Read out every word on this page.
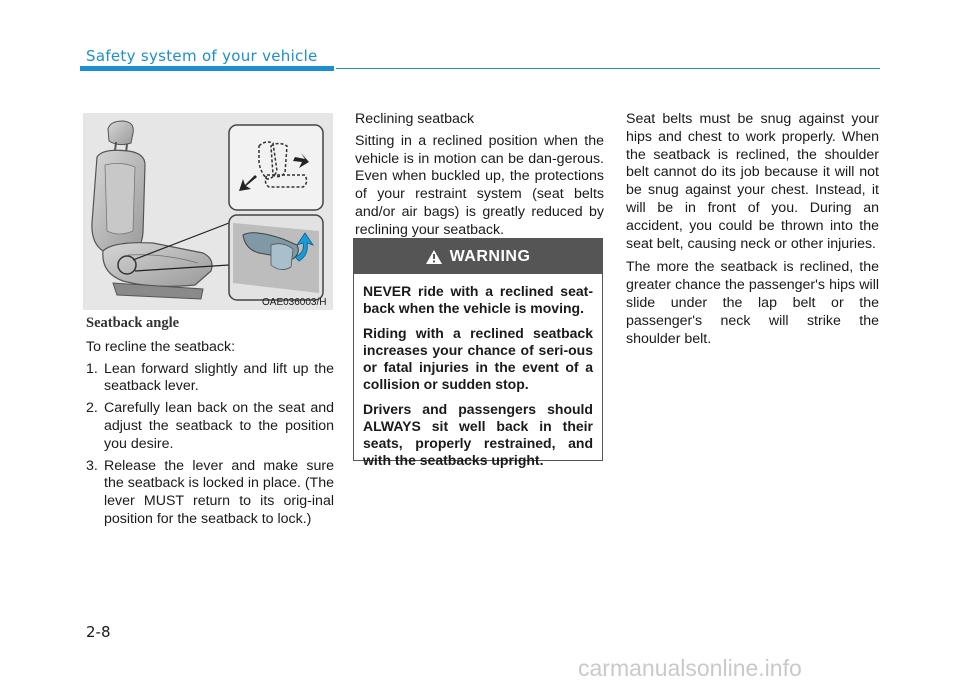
Safety system of your vehicle
OAE036003/H

Seatback angle

To recline the seatback:

1. Lean forward slightly and lift up the seatback lever.
2. Carefully lean back on the seat and adjust the seatback to the position you desire.
3. Release the lever and make sure the seatback is locked in place. (The lever MUST return to its orig-inal position for the seatback to lock.)

Reclining seatback

Sitting in a reclined position when the vehicle is in motion can be dan-gerous. Even when buckled up, the protections of your restraint system (seat belts and/or air bags) is greatly reduced by reclining your seatback.

WARNING

NEVER ride with a reclined seat-back when the vehicle is moving.

Riding with a reclined seatback increases your chance of seri-ous or fatal injuries in the event of a collision or sudden stop.

Drivers and passengers should ALWAYS sit well back in their seats, properly restrained, and with the seatbacks upright.

Seat belts must be snug against your hips and chest to work properly. When the seatback is reclined, the shoulder belt cannot do its job because it will not be snug against your chest. Instead, it will be in front of you. During an accident, you could be thrown into the seat belt, causing neck or other injuries.

The more the seatback is reclined, the greater chance the passenger's hips will slide under the lap belt or the passenger's neck will strike the shoulder belt.

2-8
carmanualsonline.info
